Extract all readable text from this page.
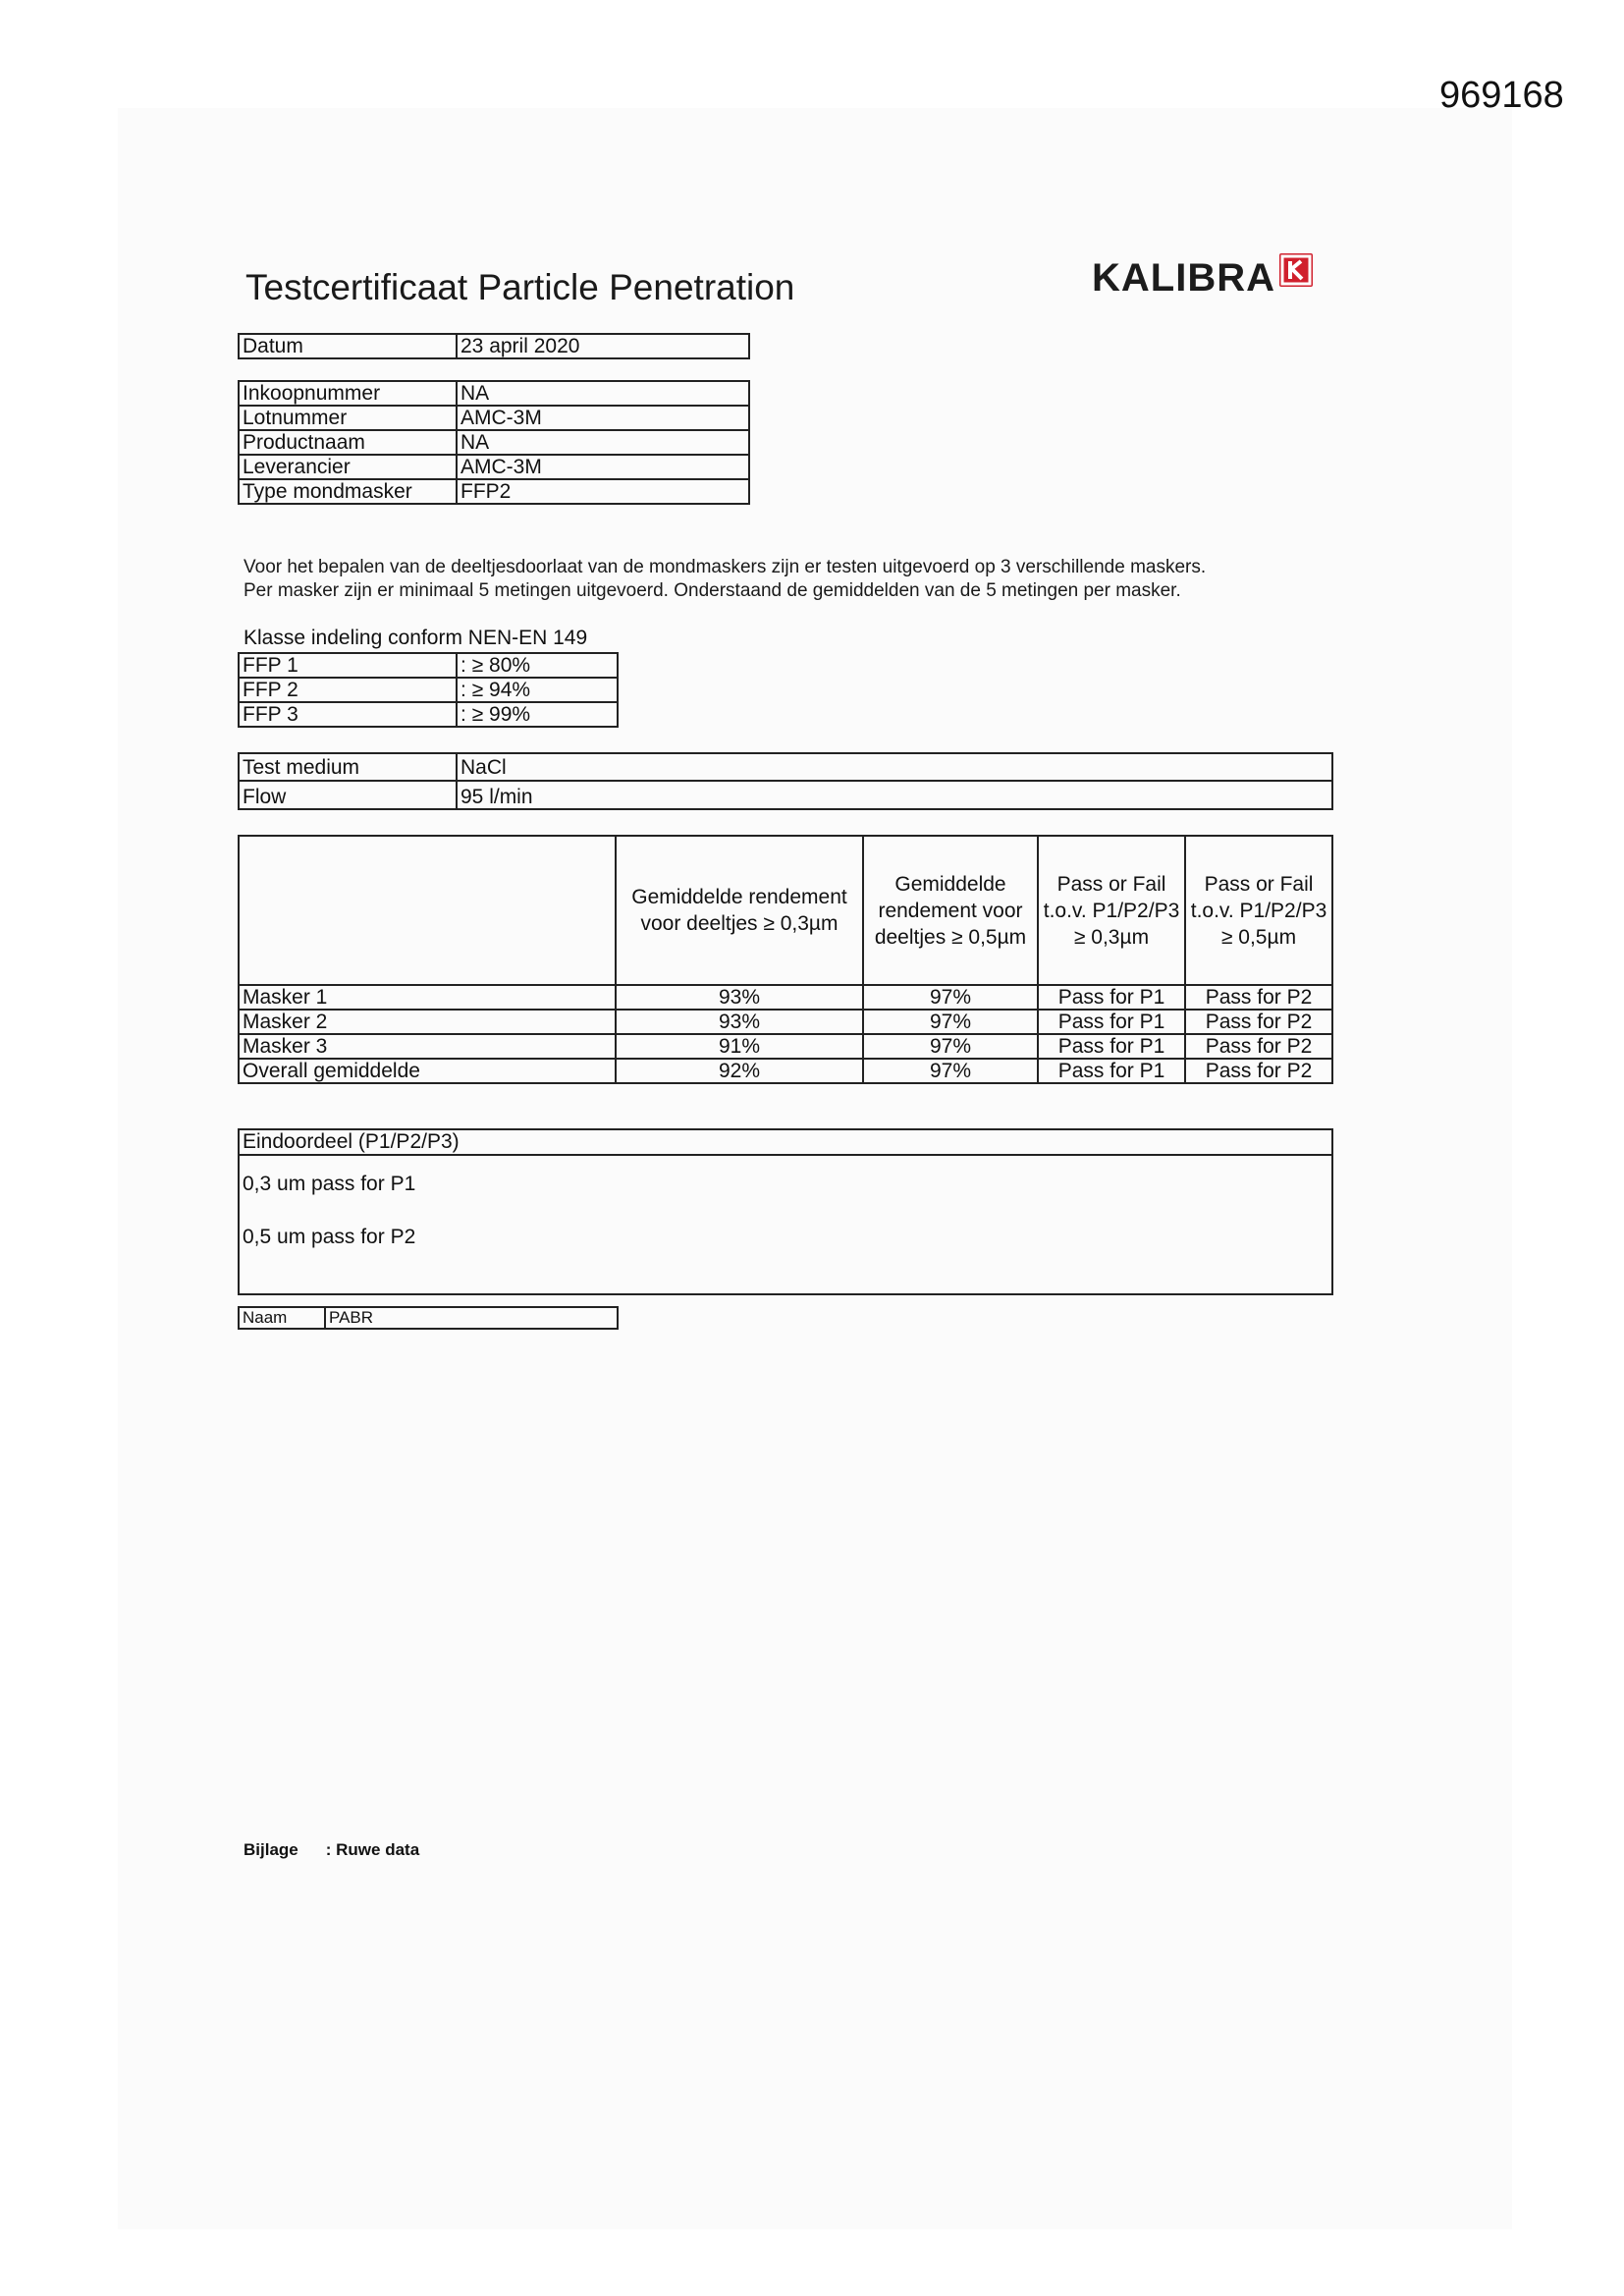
969168
Testcertificaat Particle Penetration	KALIBRA
Datum	23 april 2020
Inkoopnummer	NA
Lotnummer	AMC-3M
Productnaam	NA
Leverancier	AMC-3M
Type mondmasker	FFP2
Voor het bepalen van de deeltjesdoorlaat van de mondmaskers zijn er testen uitgevoerd op 3 verschillende maskers.
Per masker zijn er minimaal 5 metingen uitgevoerd. Onderstaand de gemiddelden van de 5 metingen per masker.
Klasse indeling conform NEN-EN 149
FFP 1	: ≥ 80%
FFP 2	: ≥ 94%
FFP 3	: ≥ 99%
Test medium	NaCl
Flow	95 l/min
	Gemiddelde rendement voor deeltjes ≥ 0,3µm	Gemiddelde rendement voor deeltjes ≥ 0,5µm	Pass or Fail t.o.v. P1/P2/P3 ≥ 0,3µm	Pass or Fail t.o.v. P1/P2/P3 ≥ 0,5µm
Masker 1	93%	97%	Pass for P1	Pass for P2
Masker 2	93%	97%	Pass for P1	Pass for P2
Masker 3	91%	97%	Pass for P1	Pass for P2
Overall gemiddelde	92%	97%	Pass for P1	Pass for P2
Eindoordeel (P1/P2/P3)
0,3 um pass for P1
0,5 um pass for P2
Naam	PABR
Bijlage : Ruwe data
